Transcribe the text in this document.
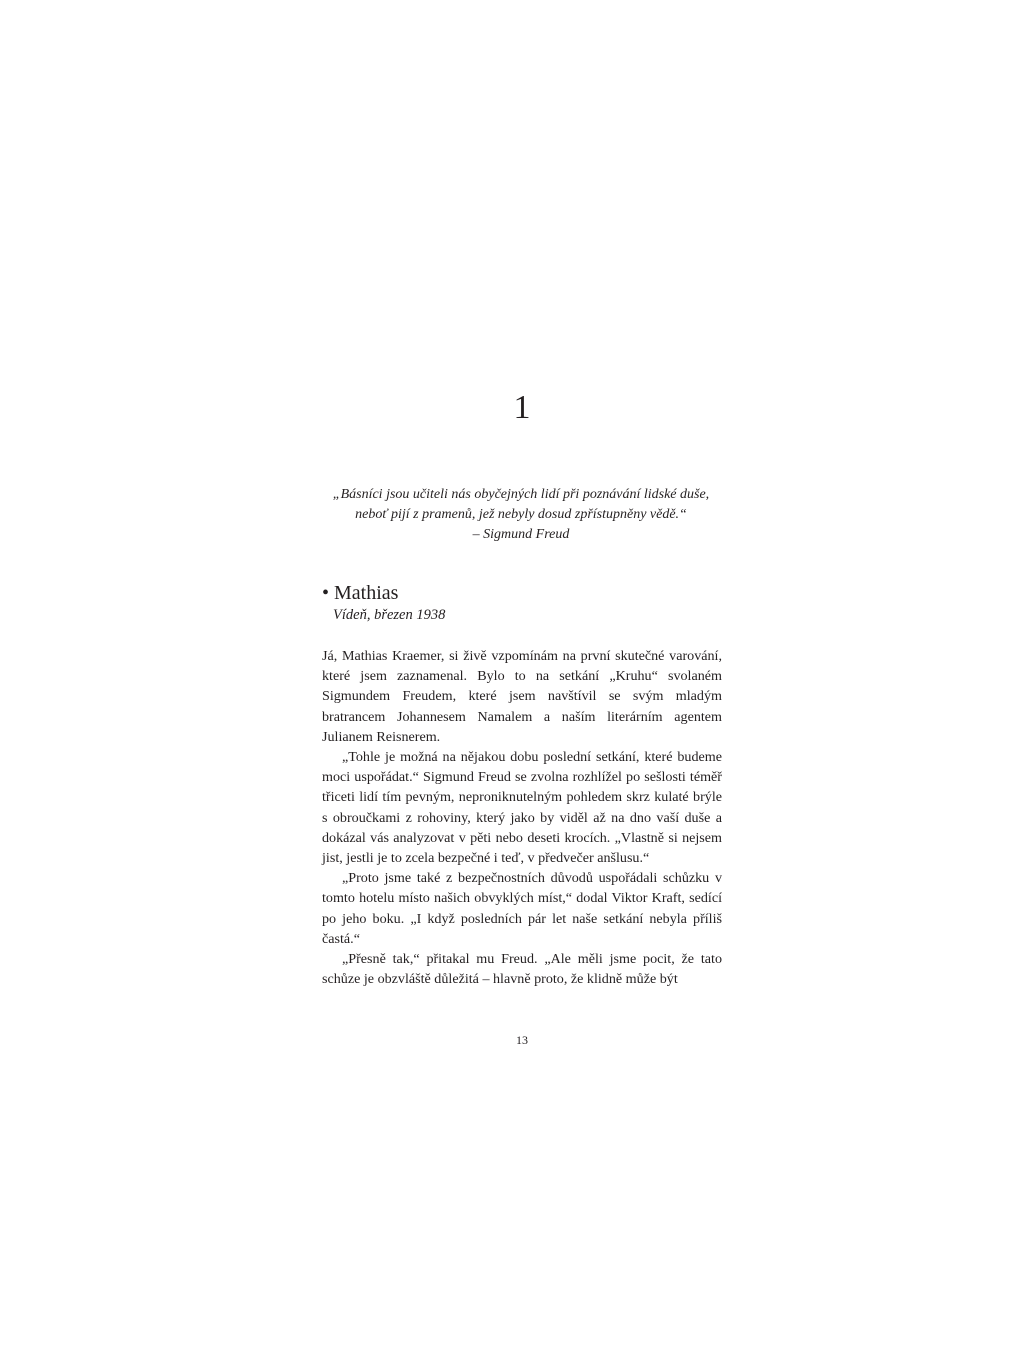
1
„Básníci jsou učiteli nás obyčejných lidí při poznávání lidské duše,
neboť pijí z pramenů, jež nebyly dosud zpřístupněny vědě.“
– Sigmund Freud
• Mathias
Vídeň, březen 1938

Já, Mathias Kraemer, si živě vzpomínám na první skutečné varování, které jsem zaznamenal. Bylo to na setkání „Kruhu“ svolaném Sigmundem Freudem, které jsem navštívil se svým mladým bratrancem Johannesem Namalem a naším literárním agentem Julianem Reisnerem.

„Tohle je možná na nějakou dobu poslední setkání, které budeme moci uspořádat.“ Sigmund Freud se zvolna rozhlížel po sešlosti téměř třiceti lidí tím pevným, neproniknutelným pohledem skrz kulaté brýle s obroučkami z rohoviny, který jako by viděl až na dno vaší duše a dokázal vás analyzovat v pěti nebo deseti krocích. „Vlastně si nejsem jist, jestli je to zcela bezpečné i teď, v předvečer anšlusu.“

„Proto jsme také z bezpečnostních důvodů uspořádali schůzku v tomto hotelu místo našich obvyklých míst,“ dodal Viktor Kraft, sedící po jeho boku. „I když posledních pár let naše setkání nebyla příliš častá.“

„Přesně tak,“ přitakal mu Freud. „Ale měli jsme pocit, že tato schůze je obzvláště důležitá – hlavně proto, že klidně může být

13
